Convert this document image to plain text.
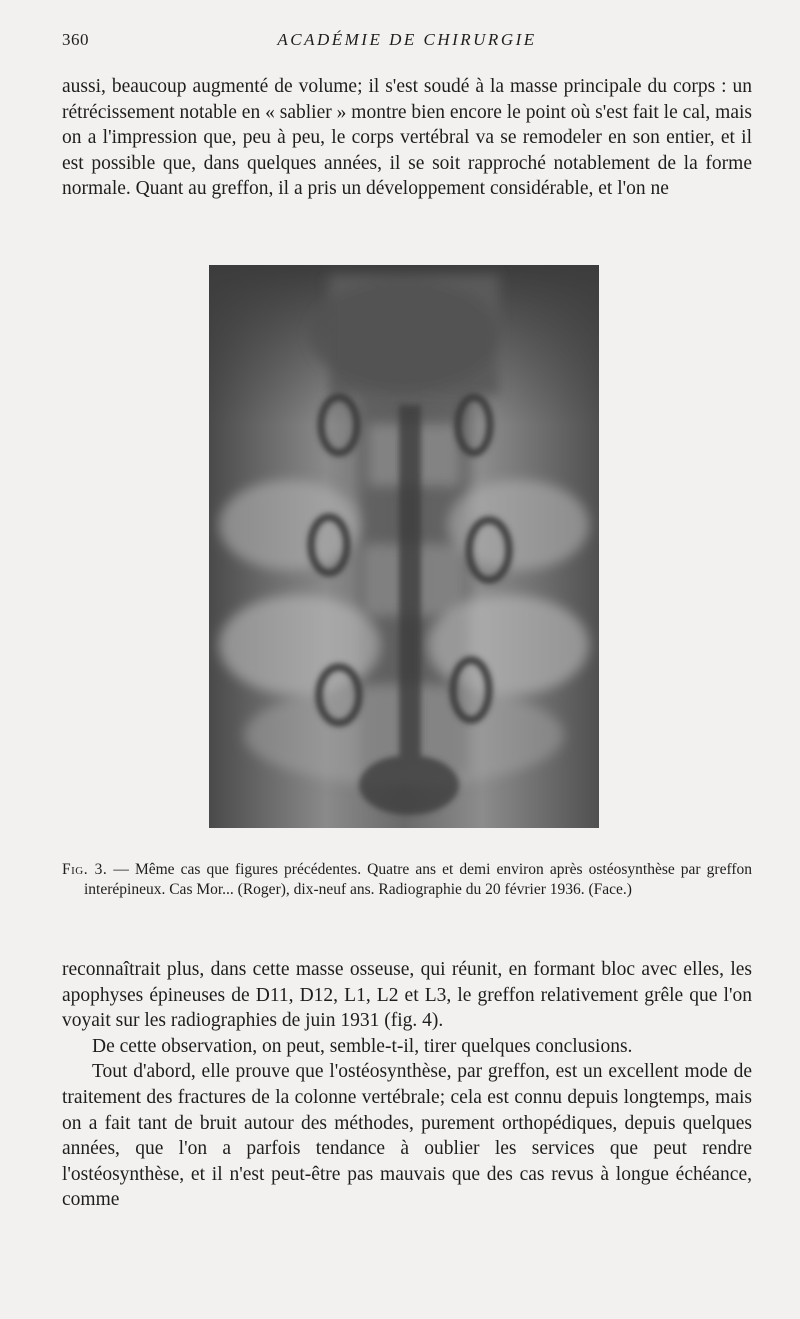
360	ACADÉMIE DE CHIRURGIE

aussi, beaucoup augmenté de volume; il s'est soudé à la masse principale du corps : un rétrécissement notable en « sablier » montre bien encore le point où s'est fait le cal, mais on a l'impression que, peu à peu, le corps vertébral va se remodeler en son entier, et il est possible que, dans quelques années, il se soit rapproché notablement de la forme normale. Quant au greffon, il a pris un développement considérable, et l'on ne

Fig. 3. — Même cas que figures précédentes. Quatre ans et demi environ après ostéosynthèse par greffon interépineux. Cas Mor... (Roger), dix-neuf ans. Radiographie du 20 février 1936. (Face.)

reconnaîtrait plus, dans cette masse osseuse, qui réunit, en formant bloc avec elles, les apophyses épineuses de D11, D12, L1, L2 et L3, le greffon relativement grêle que l'on voyait sur les radiographies de juin 1931 (fig. 4).

De cette observation, on peut, semble-t-il, tirer quelques conclusions.

Tout d'abord, elle prouve que l'ostéosynthèse, par greffon, est un excellent mode de traitement des fractures de la colonne vertébrale; cela est connu depuis longtemps, mais on a fait tant de bruit autour des méthodes, purement orthopédiques, depuis quelques années, que l'on a parfois tendance à oublier les services que peut rendre l'ostéosynthèse, et il n'est peut-être pas mauvais que des cas revus à longue échéance, comme
